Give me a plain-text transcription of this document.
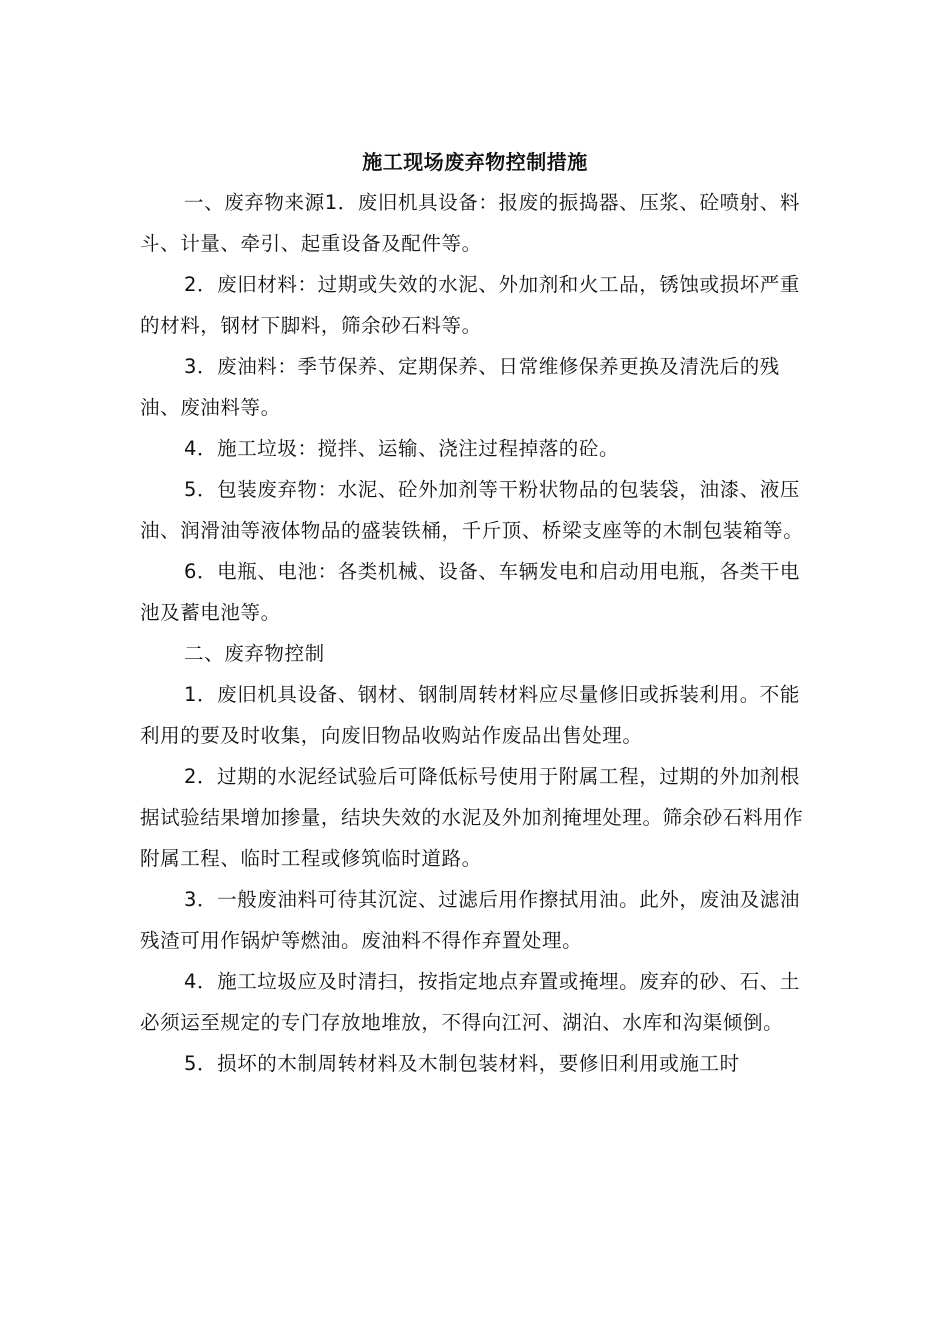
施工现场废弃物控制措施

一、废弃物来源1．废旧机具设备：报废的振捣器、压浆、砼喷射、料斗、计量、牵引、起重设备及配件等。

2．废旧材料：过期或失效的水泥、外加剂和火工品，锈蚀或损坏严重的材料，钢材下脚料，筛余砂石料等。

3．废油料：季节保养、定期保养、日常维修保养更换及清洗后的残油、废油料等。

4．施工垃圾：搅拌、运输、浇注过程掉落的砼。

5．包装废弃物：水泥、砼外加剂等干粉状物品的包装袋，油漆、液压油、润滑油等液体物品的盛装铁桶，千斤顶、桥梁支座等的木制包装箱等。

6．电瓶、电池：各类机械、设备、车辆发电和启动用电瓶，各类干电池及蓄电池等。

二、废弃物控制

1．废旧机具设备、钢材、钢制周转材料应尽量修旧或拆装利用。不能利用的要及时收集，向废旧物品收购站作废品出售处理。

2．过期的水泥经试验后可降低标号使用于附属工程，过期的外加剂根据试验结果增加掺量，结块失效的水泥及外加剂掩埋处理。筛余砂石料用作附属工程、临时工程或修筑临时道路。

3．一般废油料可待其沉淀、过滤后用作擦拭用油。此外，废油及滤油残渣可用作锅炉等燃油。废油料不得作弃置处理。

4．施工垃圾应及时清扫，按指定地点弃置或掩埋。废弃的砂、石、土必须运至规定的专门存放地堆放，不得向江河、湖泊、水库和沟渠倾倒。

5．损坏的木制周转材料及木制包装材料，要修旧利用或施工时
